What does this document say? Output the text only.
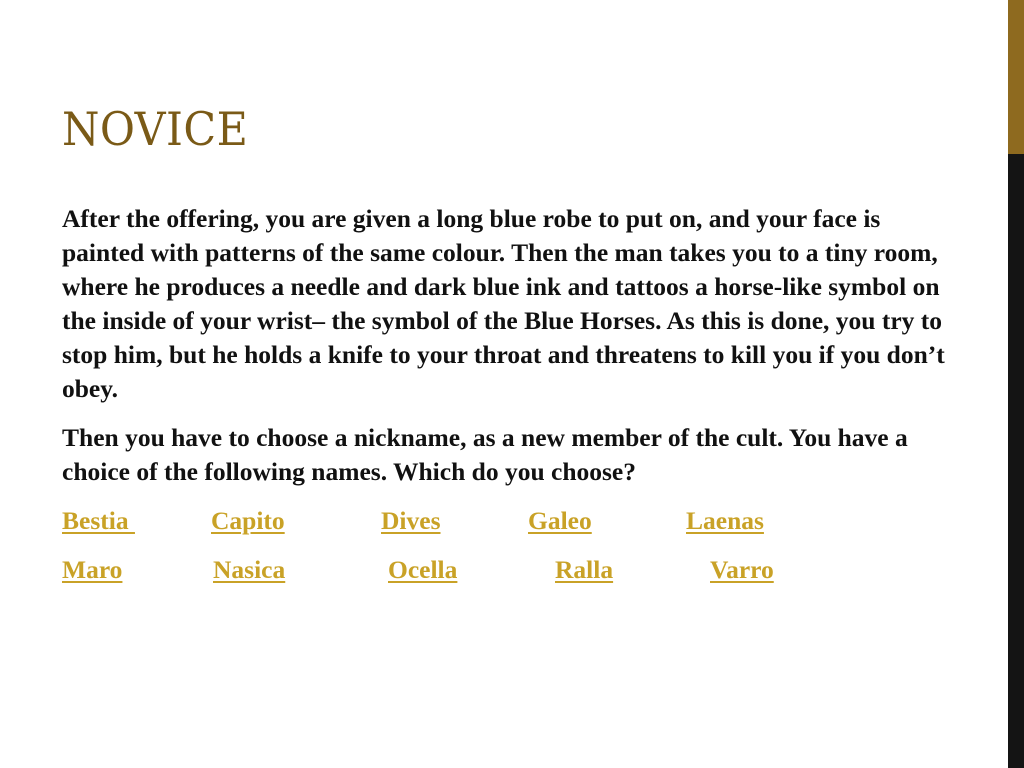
NOVICE

After the offering, you are given a long blue robe to put on, and your face is painted with patterns of the same colour. Then the man takes you to a tiny room, where he produces a needle and dark blue ink and tattoos a horse-like symbol on the inside of your wrist– the symbol of the Blue Horses. As this is done, you try to stop him, but he holds a knife to your throat and threatens to kill you if you don’t obey.

Then you have to choose a nickname, as a new member of the cult. You have a choice of the following names. Which do you choose?

Bestia	Capito	Dives	Galeo	Laenas
Maro	Nasica	Ocella	Ralla	Varro
